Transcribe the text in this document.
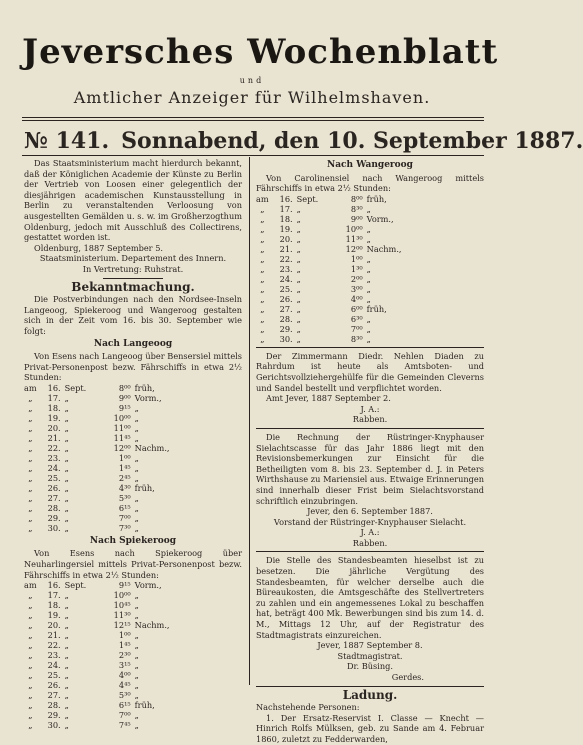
Jeversches Wochenblatt
und
Amtlicher Anzeiger für Wilhelmshaven.
№ 141. Sonnabend, den 10. September 1887.

Das Staatsministerium macht hierdurch bekannt, daß der Königlichen Academie der Künste zu Berlin der Vertrieb von Loosen einer gelegentlich der diesjährigen academischen Kunstausstellung in Berlin zu veranstaltenden Verloosung von ausgestellten Gemälden u. s. w. im Großherzogthum Oldenburg, jedoch mit Ausschluß des Collectirens, gestattet worden ist.

Oldenburg, 1887 September 5.

Staatsministerium. Departement des Innern.

In Vertretung: Ruhstrat.

Bekanntmachung.

Die Postverbindungen nach den Nordsee-Inseln Langeoog, Spiekeroog und Wangeroog gestalten sich in der Zeit vom 16. bis 30. September wie folgt:

Nach Langeoog

Von Esens nach Langeoog über Bensersiel mittels Privat-Personenpost bezw. Fährschiffs in etwa 2½ Stunden:

am	16.	Sept.	8⁰⁰	früh,
„	17.	„	9⁰⁰	Vorm.,
„	18.	„	9¹⁵	„
„	19.	„	10⁰⁰	„
„	20.	„	11⁰⁰	„
„	21.	„	11⁴⁵	„
„	22.	„	12⁰⁰	Nachm.,
„	23.	„	1⁰⁰	„
„	24.	„	1⁴⁵	„
„	25.	„	2⁴⁵	„
„	26.	„	4³⁰	früh,
„	27.	„	5³⁰	„
„	28.	„	6¹⁵	„
„	29.	„	7⁰⁰	„
„	30.	„	7³⁰	„
Nach Spiekeroog

Von Esens nach Spiekeroog über Neuharlingersiel mittels Privat-Personenpost bezw. Fährschiffs in etwa 2½ Stunden:

am	16.	Sept.	9¹⁵	Vorm.,
„	17.	„	10⁰⁰	„
„	18.	„	10⁴⁵	„
„	19.	„	11³⁰	„
„	20.	„	12¹⁵	Nachm.,
„	21.	„	1⁰⁰	„
„	22.	„	1⁴⁵	„
„	23.	„	2³⁰	„
„	24.	„	3¹⁵	„
„	25.	„	4⁰⁰	„
„	26.	„	4⁴⁵	„
„	27.	„	5³⁰	„
„	28.	„	6¹⁵	früh,
„	29.	„	7⁰⁰	„
„	30.	„	7⁴⁵	„
Nach Wangeroog

Von Carolinensiel nach Wangeroog mittels Fährschiffs in etwa 2½ Stunden:

am	16.	Sept.	8⁰⁰	früh,
„	17.	„	8³⁰	„
„	18.	„	9⁰⁰	Vorm.,
„	19.	„	10⁰⁰	„
„	20.	„	11³⁰	„
„	21.	„	12⁰⁰	Nachm.,
„	22.	„	1⁰⁰	„
„	23.	„	1³⁰	„
„	24.	„	2⁰⁰	„
„	25.	„	3⁰⁰	„
„	26.	„	4⁰⁰	„
„	27.	„	6⁰⁰	früh,
„	28.	„	6³⁰	„
„	29.	„	7⁰⁰	„
„	30.	„	8³⁰	„

Der Zimmermann Diedr. Nehlen Diaden zu Rahrdum ist heute als Amtsboten- und Gerichtsvollziehergehülfe für die Gemeinden Cleverns und Sandel bestellt und verpflichtet worden.

Amt Jever, 1887 September 2.

J. A.:

Rabben.

Die Rechnung der Rüstringer-Knyphauser Sielachtscasse für das Jahr 1886 liegt mit den Revisionsbemerkungen zur Einsicht für die Betheiligten vom 8. bis 23. September d. J. in Peters Wirthshause zu Mariensiel aus. Etwaige Erinnerungen sind innerhalb dieser Frist beim Sielachtsvorstand schriftlich einzubringen.

Jever, den 6. September 1887.

Vorstand der Rüstringer-Knyphauser Sielacht.

J. A.:

Rabben.

Die Stelle des Standesbeamten hieselbst ist zu besetzen. Die jährliche Vergütung des Standesbeamten, für welcher derselbe auch die Büreaukosten, die Amtsgeschäfte des Stellvertreters zu zahlen und ein angemessenes Lokal zu beschaffen hat, beträgt 400 Mk. Bewerbungen sind bis zum 14. d. M., Mittags 12 Uhr, auf der Registratur des Stadtmagistrats einzureichen.

Jever, 1887 September 8.

Stadtmagistrat.

Dr. Büsing.

Gerdes.

Ladung.

Nachstehende Personen:

1. Der Ersatz-Reservist I. Classe — Knecht — Hinrich Rolfs Mülksen, geb. zu Sande am 4. Februar 1860, zuletzt zu Fedderwarden,
